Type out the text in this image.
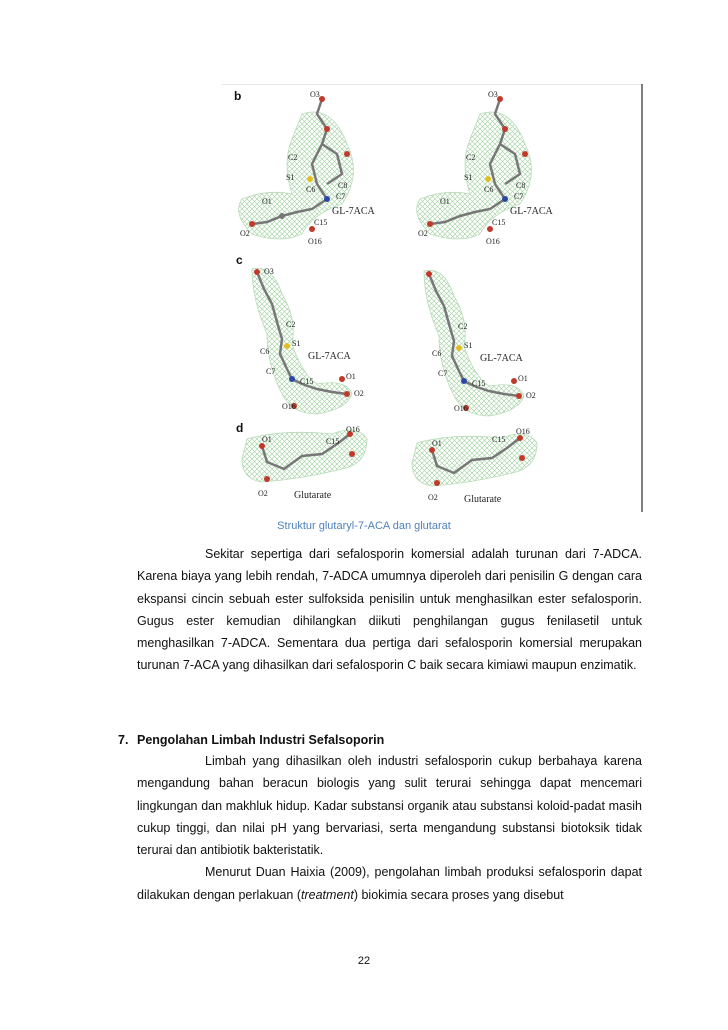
b
c
d
O3
C2
S1
C6	C8
C7
O1
O2
C15
O16
GL-7ACA
O3
C2
S1
C6	C8
C7
O1
O2
C15
O16
GL-7ACA
O3
C2
S1
C6
C7
C15
O1
O2
O16
GL-7ACA
C2
S1
C6
C7
C15
O1
O2
O16
GL-7ACA
O1
O2
C15
O16
Glutarate
O1
O2
C15
O16
Glutarate
Struktur glutaryl-7-ACA dan glutarat

Sekitar sepertiga dari sefalosporin komersial adalah turunan dari 7-ADCA. Karena biaya yang lebih rendah, 7-ADCA umumnya diperoleh dari penisilin G dengan cara ekspansi cincin sebuah ester sulfoksida penisilin untuk menghasilkan ester sefalosporin. Gugus ester kemudian dihilangkan diikuti penghilangan gugus fenilasetil untuk menghasilkan 7-ADCA. Sementara dua pertiga dari sefalosporin komersial merupakan turunan 7-ACA yang dihasilkan dari sefalosporin C baik secara kimiawi maupun enzimatik.

7. Pengolahan Limbah Industri Sefalsoporin

Limbah yang dihasilkan oleh industri sefalosporin cukup berbahaya karena mengandung bahan beracun biologis yang sulit terurai sehingga dapat mencemari lingkungan dan makhluk hidup. Kadar substansi organik atau substansi koloid-padat masih cukup tinggi, dan nilai pH yang bervariasi, serta mengandung substansi biotoksik tidak terurai dan antibiotik bakteristatik.

Menurut Duan Haixia (2009), pengolahan limbah produksi sefalosporin dapat dilakukan dengan perlakuan (treatment) biokimia secara proses yang disebut

22
